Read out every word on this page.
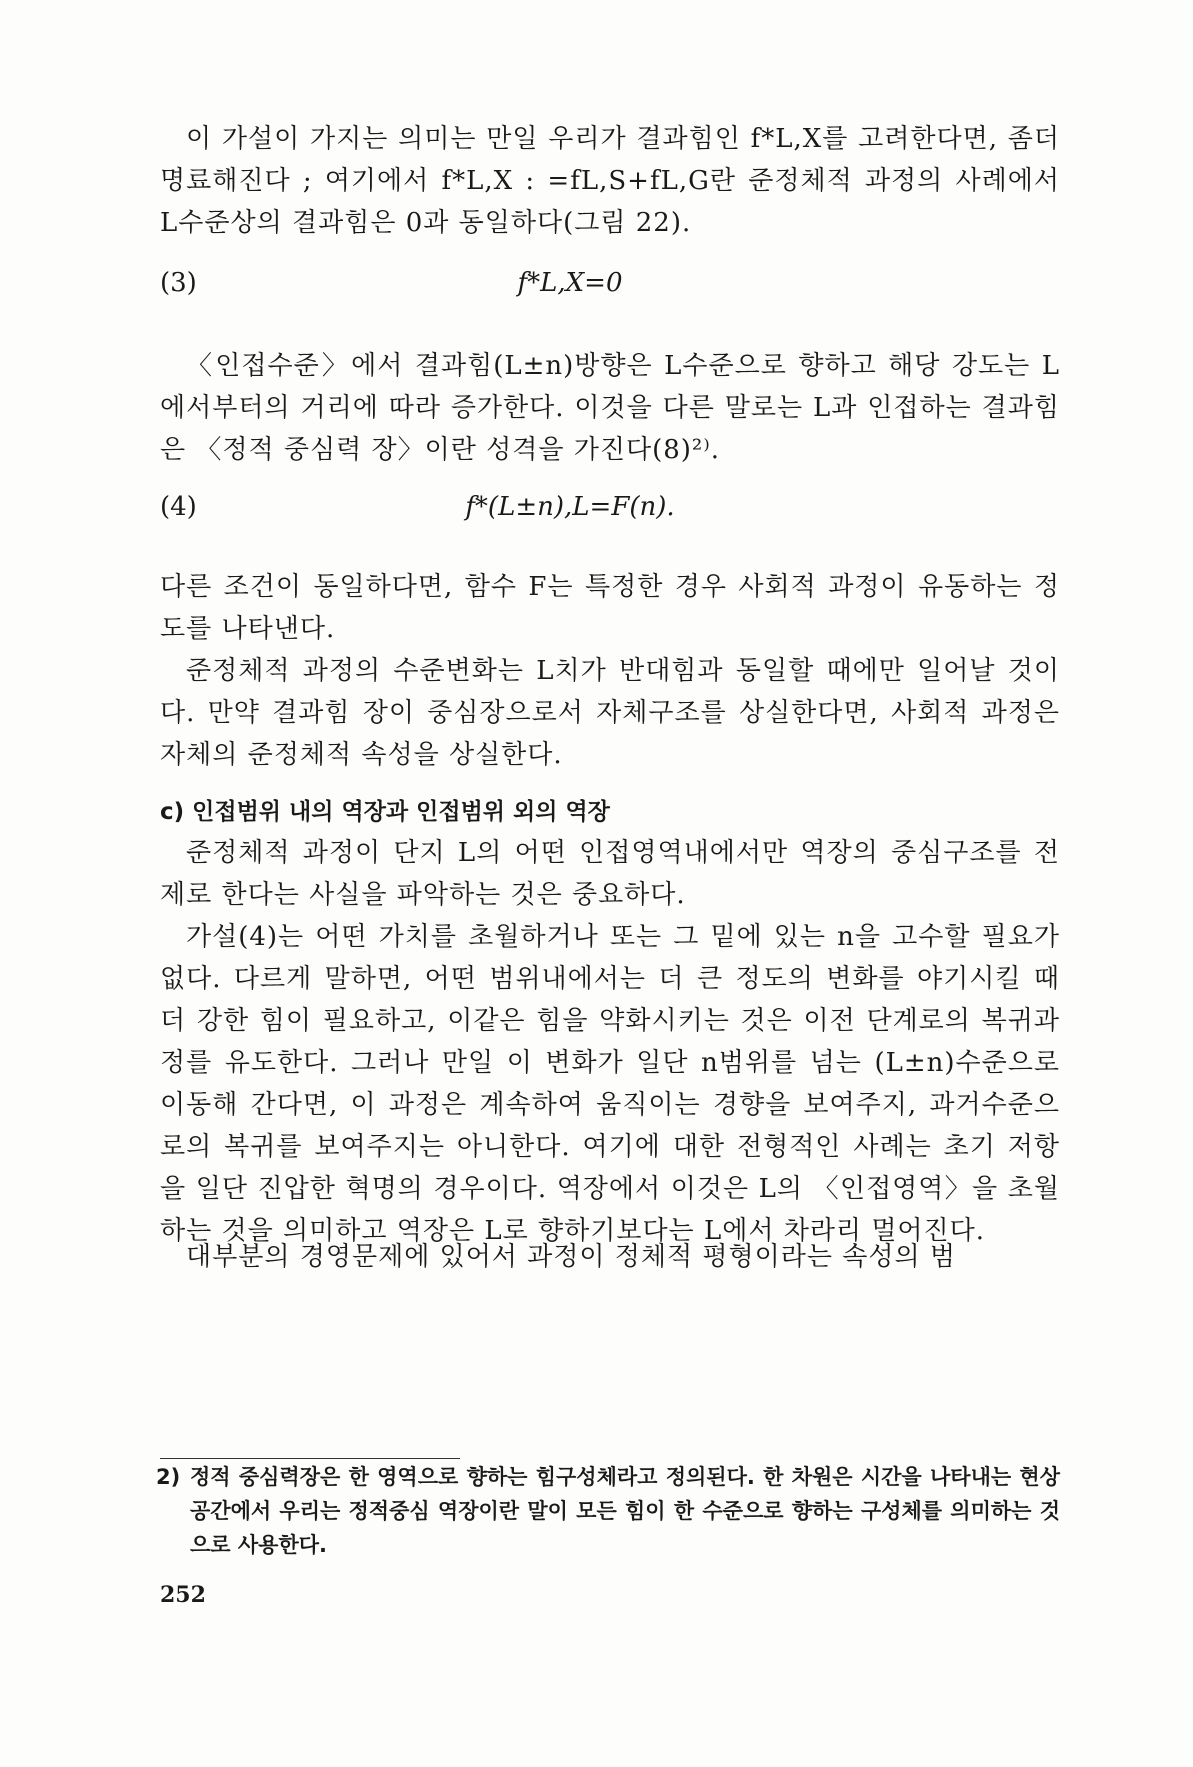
이 가설이 가지는 의미는 만일 우리가 결과힘인 f*L,X를 고려한다면, 좀더 명료해진다 ; 여기에서 f*L,X : =fL,S+fL,G란 준정체적 과정의 사례에서 L수준상의 결과힘은 0과 동일하다(그림 22).

(3)	f*L,X=0

〈인접수준〉에서 결과힘(L±n)방향은 L수준으로 향하고 해당 강도는 L에서부터의 거리에 따라 증가한다. 이것을 다른 말로는 L과 인접하는 결과힘은 〈정적 중심력 장〉이란 성격을 가진다(8)²⁾.

(4)	f*(L±n),L=F(n).

다른 조건이 동일하다면, 함수 F는 특정한 경우 사회적 과정이 유동하는 정도를 나타낸다.

준정체적 과정의 수준변화는 L치가 반대힘과 동일할 때에만 일어날 것이다. 만약 결과힘 장이 중심장으로서 자체구조를 상실한다면, 사회적 과정은 자체의 준정체적 속성을 상실한다.

c) 인접범위 내의 역장과 인접범위 외의 역장

준정체적 과정이 단지 L의 어떤 인접영역내에서만 역장의 중심구조를 전제로 한다는 사실을 파악하는 것은 중요하다.

가설(4)는 어떤 가치를 초월하거나 또는 그 밑에 있는 n을 고수할 필요가 없다. 다르게 말하면, 어떤 범위내에서는 더 큰 정도의 변화를 야기시킬 때 더 강한 힘이 필요하고, 이같은 힘을 약화시키는 것은 이전 단계로의 복귀과정를 유도한다. 그러나 만일 이 변화가 일단 n범위를 넘는 (L±n)수준으로 이동해 간다면, 이 과정은 계속하여 움직이는 경향을 보여주지, 과거수준으로의 복귀를 보여주지는 아니한다. 여기에 대한 전형적인 사례는 초기 저항을 일단 진압한 혁명의 경우이다. 역장에서 이것은 L의 〈인접영역〉을 초월하는 것을 의미하고 역장은 L로 향하기보다는 L에서 차라리 멀어진다.

대부분의 경영문제에 있어서 과정이 정체적 평형이라는 속성의 범

2) 정적 중심력장은 한 영역으로 향하는 힘구성체라고 정의된다. 한 차원은 시간을 나타내는 현상공간에서 우리는 정적중심 역장이란 말이 모든 힘이 한 수준으로 향하는 구성체를 의미하는 것으로 사용한다.
252
